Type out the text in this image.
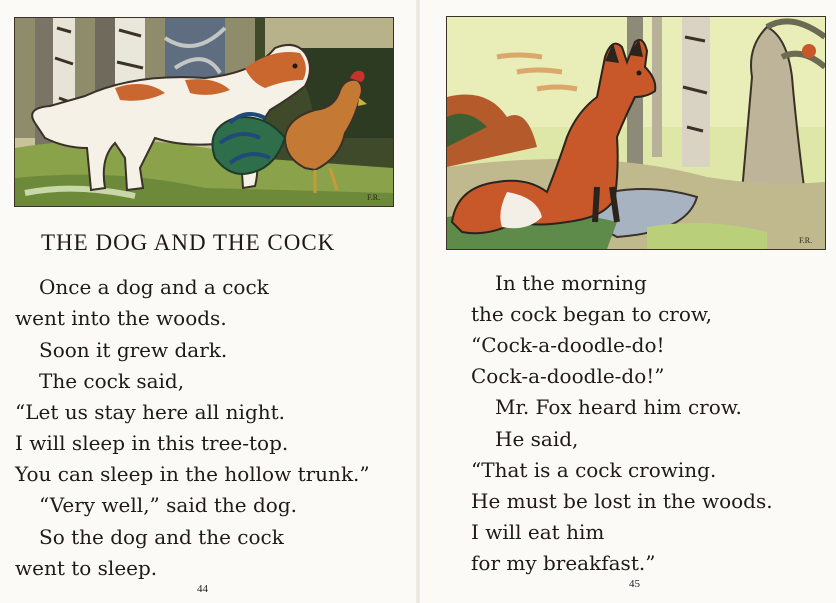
F.R.
THE DOG AND THE COCK

Once a dog and a cock

went into the woods.

Soon it grew dark.

The cock said,

“Let us stay here all night.

I will sleep in this tree-top.

You can sleep in the hollow trunk.”

“Very well,” said the dog.

So the dog and the cock

went to sleep.

44
F.R.

In the morning

the cock began to crow,

“Cock-a-doodle-do!

Cock-a-doodle-do!”

Mr. Fox heard him crow.

He said,

“That is a cock crowing.

He must be lost in the woods.

I will eat him

for my breakfast.”

45
